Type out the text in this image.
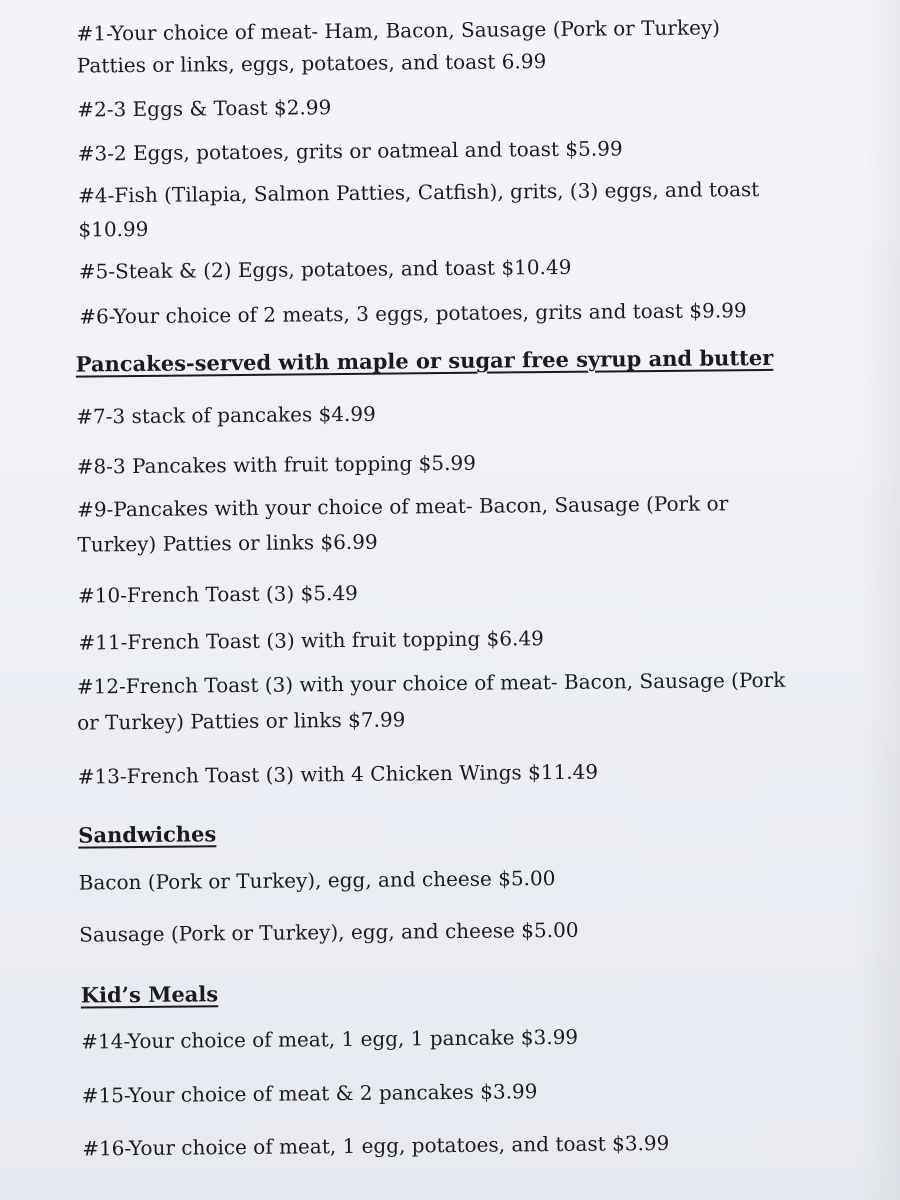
#1-Your choice of meat- Ham, Bacon, Sausage (Pork or Turkey)
Patties or links, eggs, potatoes, and toast 6.99
#2-3 Eggs & Toast $2.99
#3-2 Eggs, potatoes, grits or oatmeal and toast $5.99
#4-Fish (Tilapia, Salmon Patties, Catfish), grits, (3) eggs, and toast
$10.99
#5-Steak & (2) Eggs, potatoes, and toast $10.49
#6-Your choice of 2 meats, 3 eggs, potatoes, grits and toast $9.99
Pancakes-served with maple or sugar free syrup and butter
#7-3 stack of pancakes $4.99
#8-3 Pancakes with fruit topping $5.99
#9-Pancakes with your choice of meat- Bacon, Sausage (Pork or
Turkey) Patties or links $6.99
#10-French Toast (3) $5.49
#11-French Toast (3) with fruit topping $6.49
#12-French Toast (3) with your choice of meat- Bacon, Sausage (Pork
or Turkey) Patties or links $7.99
#13-French Toast (3) with 4 Chicken Wings $11.49
Sandwiches
Bacon (Pork or Turkey), egg, and cheese $5.00
Sausage (Pork or Turkey), egg, and cheese $5.00
Kid’s Meals
#14-Your choice of meat, 1 egg, 1 pancake $3.99
#15-Your choice of meat & 2 pancakes $3.99
#16-Your choice of meat, 1 egg, potatoes, and toast $3.99
